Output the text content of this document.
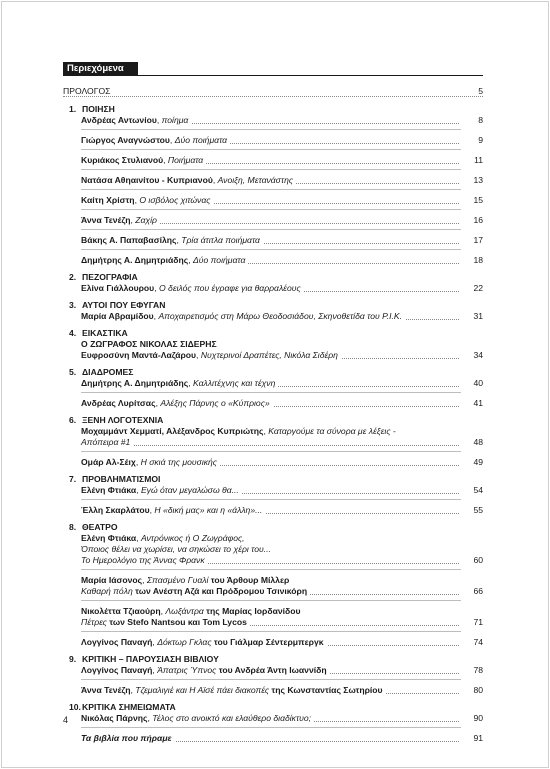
Περιεχόμενα
ΠΡΟΛΟΓΟΣ	5
1. ΠΟΙΗΣΗ
Ανδρέας Αντωνίου, ποίημα	8
Γιώργος Αναγνώστου, Δύο ποιήματα	9
Κυριάκος Στυλιανού, Ποιήματα	11
Νατάσα Αθηαινίτου - Κυπριανού, Ανοιξη, Μετανάστης	13
Καίτη Χρίστη, Ο ισβόλος χιτώνας	15
Άννα Τενέζη, Ζαχίρ	16
Βάκης Α. Παπαβασίλης, Τρία άτιτλα ποιήματα	17
Δημήτρης Α. Δημητριάδης, Δύο ποιήματα	18
2. ΠΕΖΟΓΡΑΦΙΑ
Ελίνα Γιάλλουρου, Ο δειλός που έγραφε για θαρραλέους	22
3. ΑΥΤΟΙ ΠΟΥ ΕΦΥΓΑΝ
Μαρία Αβραμίδου, Αποχαιρετισμός στη Μάρω Θεοδοσιάδου, Σκηνοθετίδα του Ρ.Ι.Κ.	31
4. ΕΙΚΑΣΤΙΚΑ
Ο ΖΩΓΡΑΦΟΣ ΝΙΚΟΛΑΣ ΣΙΔΕΡΗΣ
Ευφροσύνη Μαντά-Λαζάρου, Νυχτερινοί Δραπέτες, Νικόλα Σιδέρη	34
5. ΔΙΑΔΡΟΜΕΣ
Δημήτρης Α. Δημητριάδης, Καλλιτέχνης και τέχνη	40
Ανδρέας Λυρίτσας, Αλέξης Πάρνης ο «Κύπριος»	41
6. ΞΕΝΗ ΛΟΓΟΤΕΧΝΙΑ
Μοχαμμάντ Χεμματί, Αλέξανδρος Κυπριώτης, Καταργούμε τα σύνορα με λέξεις -
Απόπειρα #1	48
Ομάρ Αλ-Σέιχ, Η σκιά της μουσικής	49
7. ΠΡΟΒΛΗΜΑΤΙΣΜΟΙ
Ελένη Φτιάκα, Εγώ όταν μεγαλώσω θα...	54
Έλλη Σκαρλάτου, Η «δική μας» και η «άλλη»...	55
8. ΘΕΑΤΡΟ
Ελένη Φτιάκα, Αντρόνικος ή Ο Ζωγράφος,
Όποιος θέλει να χωρίσει, να σηκώσει το χέρι του...
Το Ημερολόγιο της Άννας Φρανκ	60
Μαρία Ιάσονος, Σπασμένο Γυαλί του Άρθουρ Μίλλερ
Καθαρή πόλη των Ανέστη Αζά και Πρόδρομου Τσινικόρη	66
Νικολέττα Τζιαούρη, Λωξάντρα της Μαρίας Ιορδανίδου
Πέτρες των Stefo Nantsou και Tom Lycos	71
Λογγίνος Παναγή, Δόκτωρ Γκλας του Γιάλμαρ Σέντερμπεργκ	74
9. ΚΡΙΤΙΚΗ – ΠΑΡΟΥΣΙΑΣΗ ΒΙΒΛΙΟΥ
Λογγίνος Παναγή, Άπατρις Ύπνος του Ανδρέα Άντη Ιωαννίδη	78
Άννα Τενέζη, Τζεμαλιγιέ και Η Αϊσέ πάει διακοπές της Κωνσταντίας Σωτηρίου	80
10.ΚΡΙΤΙΚΑ ΣΗΜΕΙΩΜΑΤΑ
Νικόλας Πάρνης, Τέλος στο ανοικτό και ελαύθερο διαδίκτυο;	90
Τα βιβλία που πήραμε	91
4
